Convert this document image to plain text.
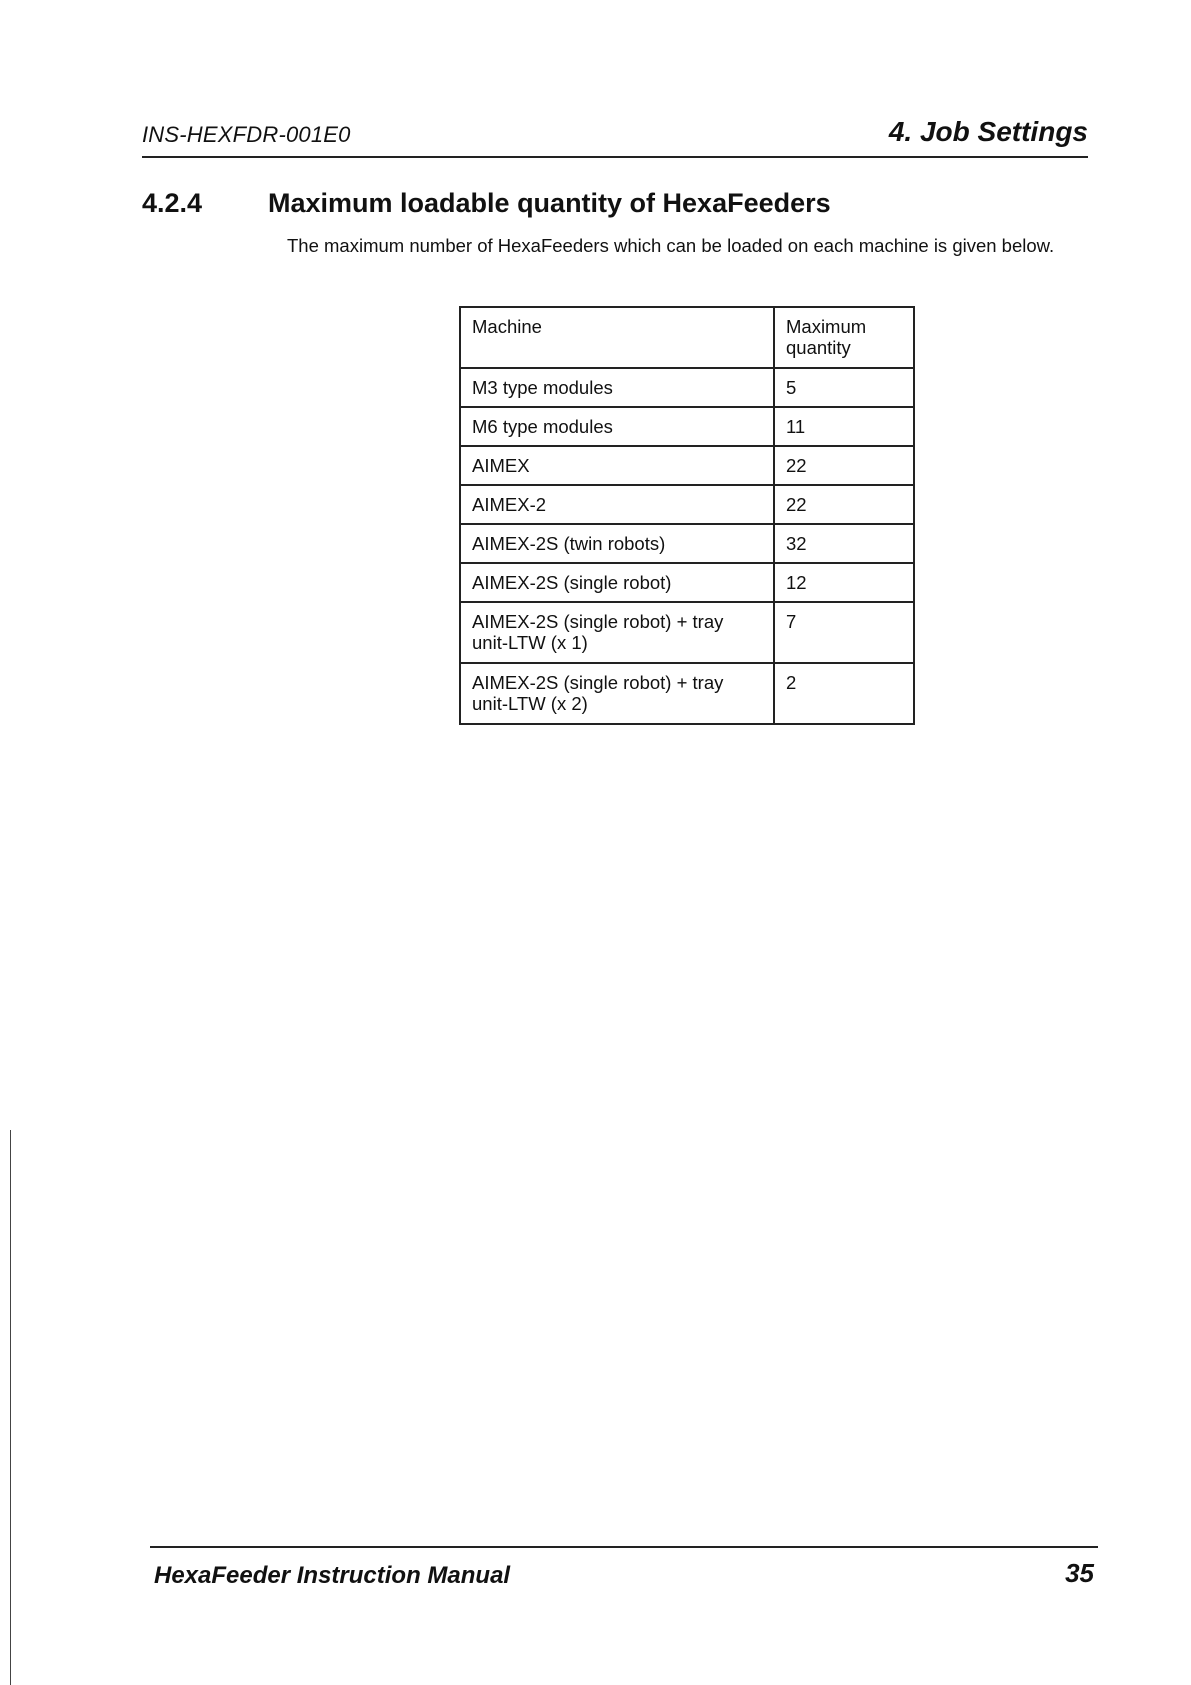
INS-HEXFDR-001E0	4. Job Settings
4.2.4 Maximum loadable quantity of HexaFeeders
The maximum number of HexaFeeders which can be loaded on each machine is given below.
Machine	Maximum quantity
M3 type modules	5
M6 type modules	11
AIMEX	22
AIMEX-2	22
AIMEX-2S (twin robots)	32
AIMEX-2S (single robot)	12
AIMEX-2S (single robot) + tray unit-LTW (x 1)	7
AIMEX-2S (single robot) + tray unit-LTW (x 2)	2
HexaFeeder Instruction Manual	35
